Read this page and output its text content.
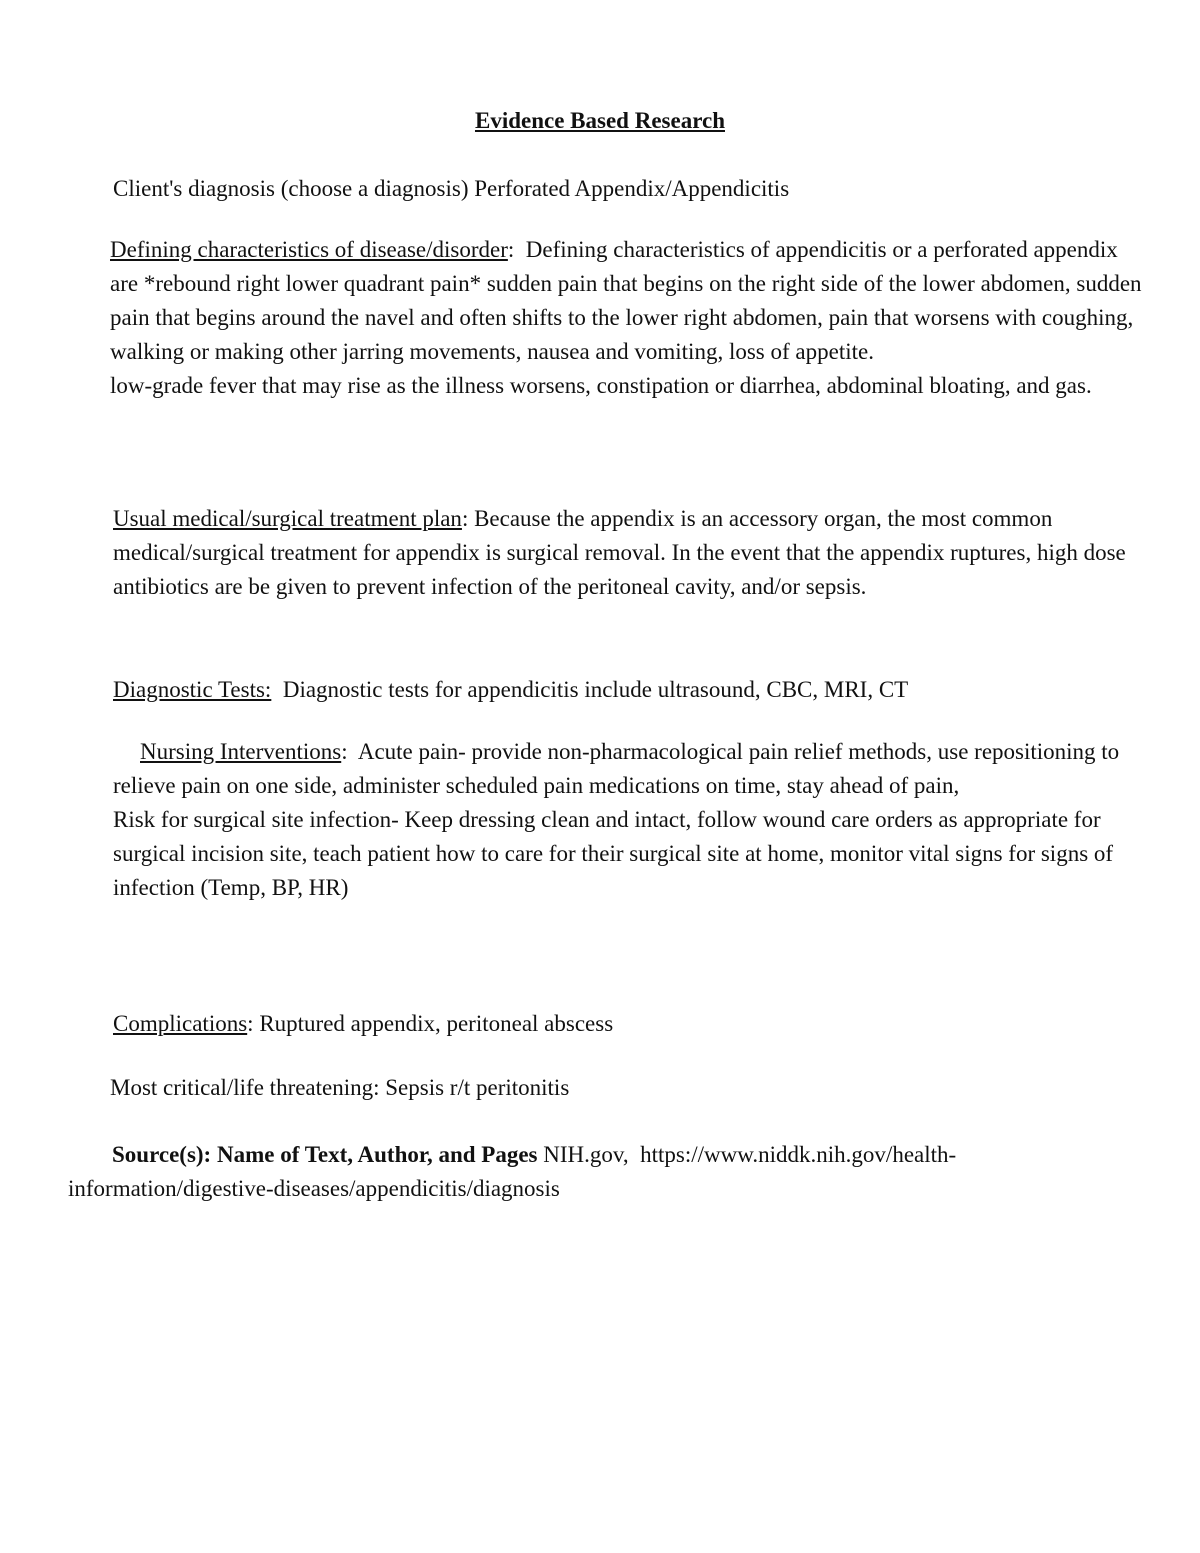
Evidence Based Research

Client's diagnosis (choose a diagnosis) Perforated Appendix/Appendicitis

Defining characteristics of disease/disorder: Defining characteristics of appendicitis or a perforated appendix are *rebound right lower quadrant pain* sudden pain that begins on the right side of the lower abdomen, sudden pain that begins around the navel and often shifts to the lower right abdomen, pain that worsens with coughing, walking or making other jarring movements, nausea and vomiting, loss of appetite.

low-grade fever that may rise as the illness worsens, constipation or diarrhea, abdominal bloating, and gas.

Usual medical/surgical treatment plan: Because the appendix is an accessory organ, the most common medical/surgical treatment for appendix is surgical removal. In the event that the appendix ruptures, high dose antibiotics are be given to prevent infection of the peritoneal cavity, and/or sepsis.

Diagnostic Tests: Diagnostic tests for appendicitis include ultrasound, CBC, MRI, CT

Nursing Interventions: Acute pain- provide non-pharmacological pain relief methods, use repositioning to relieve pain on one side, administer scheduled pain medications on time, stay ahead of pain,

Risk for surgical site infection- Keep dressing clean and intact, follow wound care orders as appropriate for surgical incision site, teach patient how to care for their surgical site at home, monitor vital signs for signs of infection (Temp, BP, HR)

Complications: Ruptured appendix, peritoneal abscess

Most critical/life threatening: Sepsis r/t peritonitis

Source(s): Name of Text, Author, and Pages NIH.gov, https://www.niddk.nih.gov/health-information/digestive-diseases/appendicitis/diagnosis
